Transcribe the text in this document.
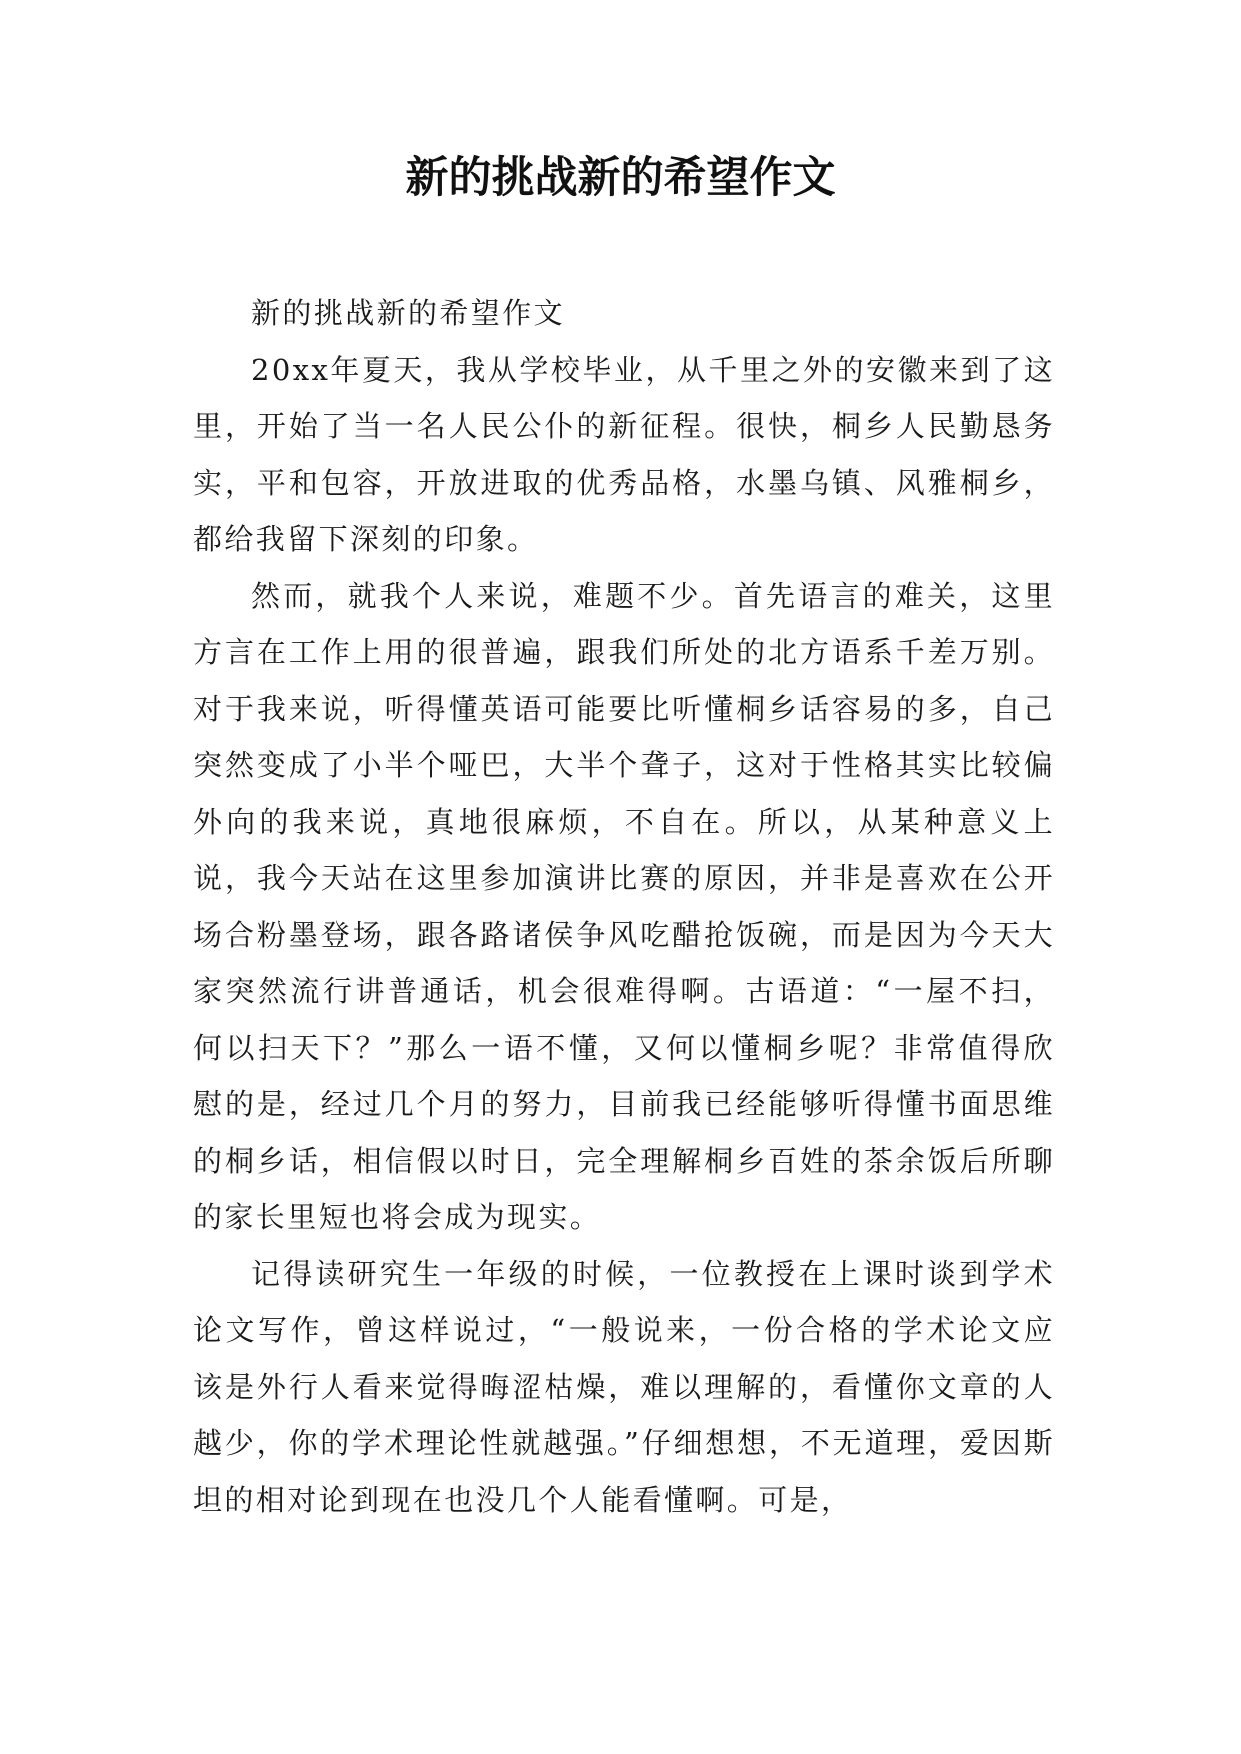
新的挑战新的希望作文

新的挑战新的希望作文

20xx年夏天，我从学校毕业，从千里之外的安徽来到了这里，开始了当一名人民公仆的新征程。很快，桐乡人民勤恳务实，平和包容，开放进取的优秀品格，水墨乌镇、风雅桐乡，都给我留下深刻的印象。

然而，就我个人来说，难题不少。首先语言的难关，这里方言在工作上用的很普遍，跟我们所处的北方语系千差万别。对于我来说，听得懂英语可能要比听懂桐乡话容易的多，自己突然变成了小半个哑巴，大半个聋子，这对于性格其实比较偏外向的我来说，真地很麻烦，不自在。所以，从某种意义上说，我今天站在这里参加演讲比赛的原因，并非是喜欢在公开场合粉墨登场，跟各路诸侯争风吃醋抢饭碗，而是因为今天大家突然流行讲普通话，机会很难得啊。古语道：“一屋不扫，何以扫天下？”那么一语不懂，又何以懂桐乡呢？非常值得欣慰的是，经过几个月的努力，目前我已经能够听得懂书面思维的桐乡话，相信假以时日，完全理解桐乡百姓的茶余饭后所聊的家长里短也将会成为现实。

记得读研究生一年级的时候，一位教授在上课时谈到学术论文写作，曾这样说过，“一般说来，一份合格的学术论文应该是外行人看来觉得晦涩枯燥，难以理解的，看懂你文章的人越少，你的学术理论性就越强。”仔细想想，不无道理，爱因斯坦的相对论到现在也没几个人能看懂啊。可是，
